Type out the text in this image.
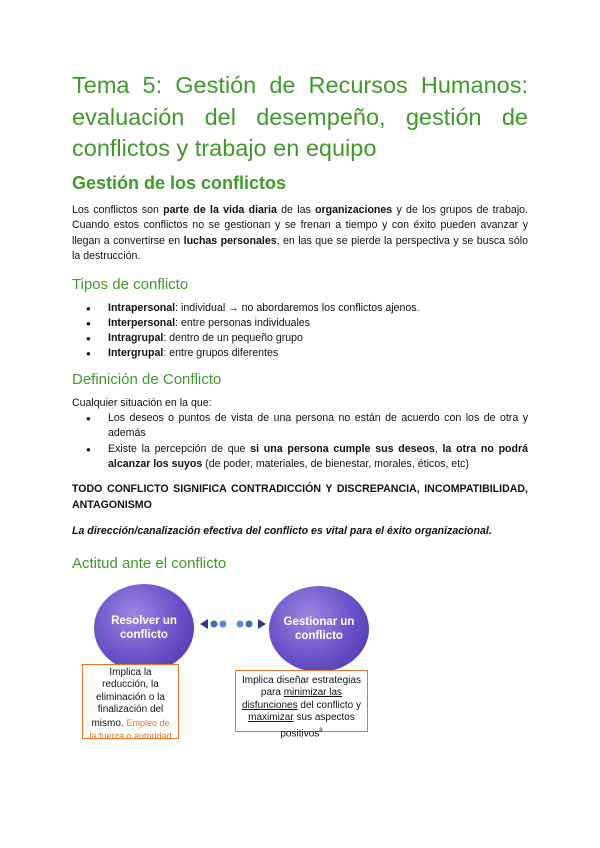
Tema 5: Gestión de Recursos Humanos: evaluación del desempeño, gestión de conflictos y trabajo en equipo
Gestión de los conflictos

Los conflictos son parte de la vida diaria de las organizaciones y de los grupos de trabajo. Cuando estos conflictos no se gestionan y se frenan a tiempo y con éxito pueden avanzar y llegan a convertirse en luchas personales, en las que se pierde la perspectiva y se busca sólo la destrucción.

Tipos de conflicto
● Intrapersonal: individual → no abordaremos los conflictos ajenos.
● Interpersonal: entre personas individuales
● Intragrupal: dentro de un pequeño grupo
● Intergrupal: entre grupos diferentes
Definición de Conflicto

Cualquier situación en la que:

● Los deseos o puntos de vista de una persona no están de acuerdo con los de otra y además
● Existe la percepción de que si una persona cumple sus deseos, la otra no podrá alcanzar los suyos (de poder, materiales, de bienestar, morales, éticos, etc)

TODO CONFLICTO SIGNIFICA CONTRADICCIÓN Y DISCREPANCIA, INCOMPATIBILIDAD, ANTAGONISMO

La dirección/canalización efectiva del conflicto es vital para el éxito organizacional.

Actitud ante el conflicto
Resolver un conflicto
Gestionar un conflicto
Implica la reducción, la eliminación o la finalización del mismo. Empleo de la fuerza o autoridad
Implica diseñar estrategias para minimizar las disfunciones del conflicto y maximizar sus aspectos positivos$^8$
